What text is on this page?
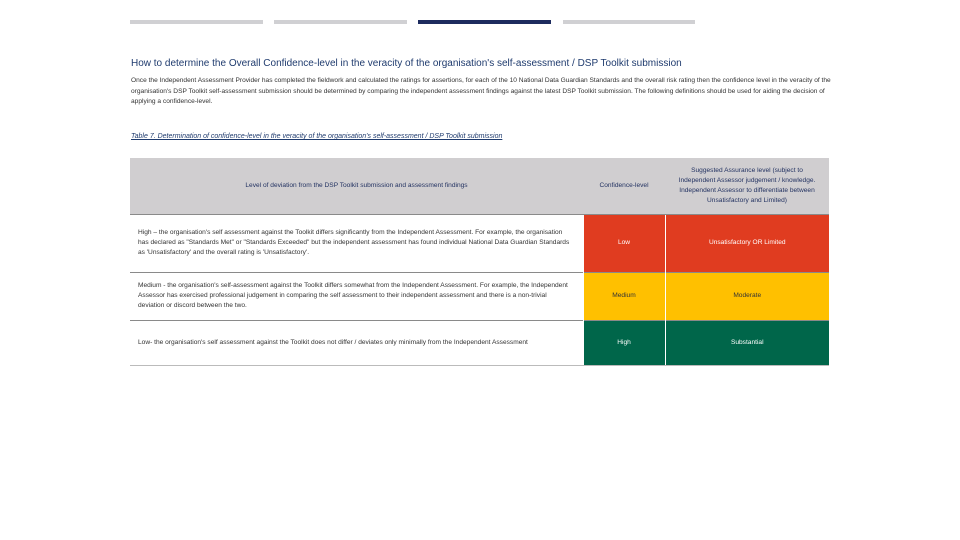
How to determine the Overall Confidence-level in the veracity of the organisation's self-assessment / DSP Toolkit submission
Once the Independent Assessment Provider has completed the fieldwork and calculated the ratings for assertions, for each of the 10 National Data Guardian Standards and the overall risk rating then the confidence level in the veracity of the organisation's DSP Toolkit self-assessment submission should be determined by comparing the independent assessment findings against the latest DSP Toolkit submission. The following definitions should be used for aiding the decision of applying a confidence-level.
Table 7. Determination of confidence-level in the veracity of the organisation's self-assessment / DSP Toolkit submission
Level of deviation from the DSP Toolkit submission and assessment findings	Confidence-level	Suggested Assurance level (subject to Independent Assessor judgement / knowledge. Independent Assessor to differentiate between Unsatisfactory and Limited)
High – the organisation's self assessment against the Toolkit differs significantly from the Independent Assessment. For example, the organisation has declared as "Standards Met" or "Standards Exceeded" but the independent assessment has found individual National Data Guardian Standards as 'Unsatisfactory' and the overall rating is 'Unsatisfactory'.	Low	Unsatisfactory OR Limited
Medium - the organisation's self-assessment against the Toolkit differs somewhat from the Independent Assessment. For example, the Independent Assessor has exercised professional judgement in comparing the self assessment to their independent assessment and there is a non-trivial deviation or discord between the two.	Medium	Moderate
Low- the organisation's self assessment against the Toolkit does not differ / deviates only minimally from the Independent Assessment	High	Substantial
